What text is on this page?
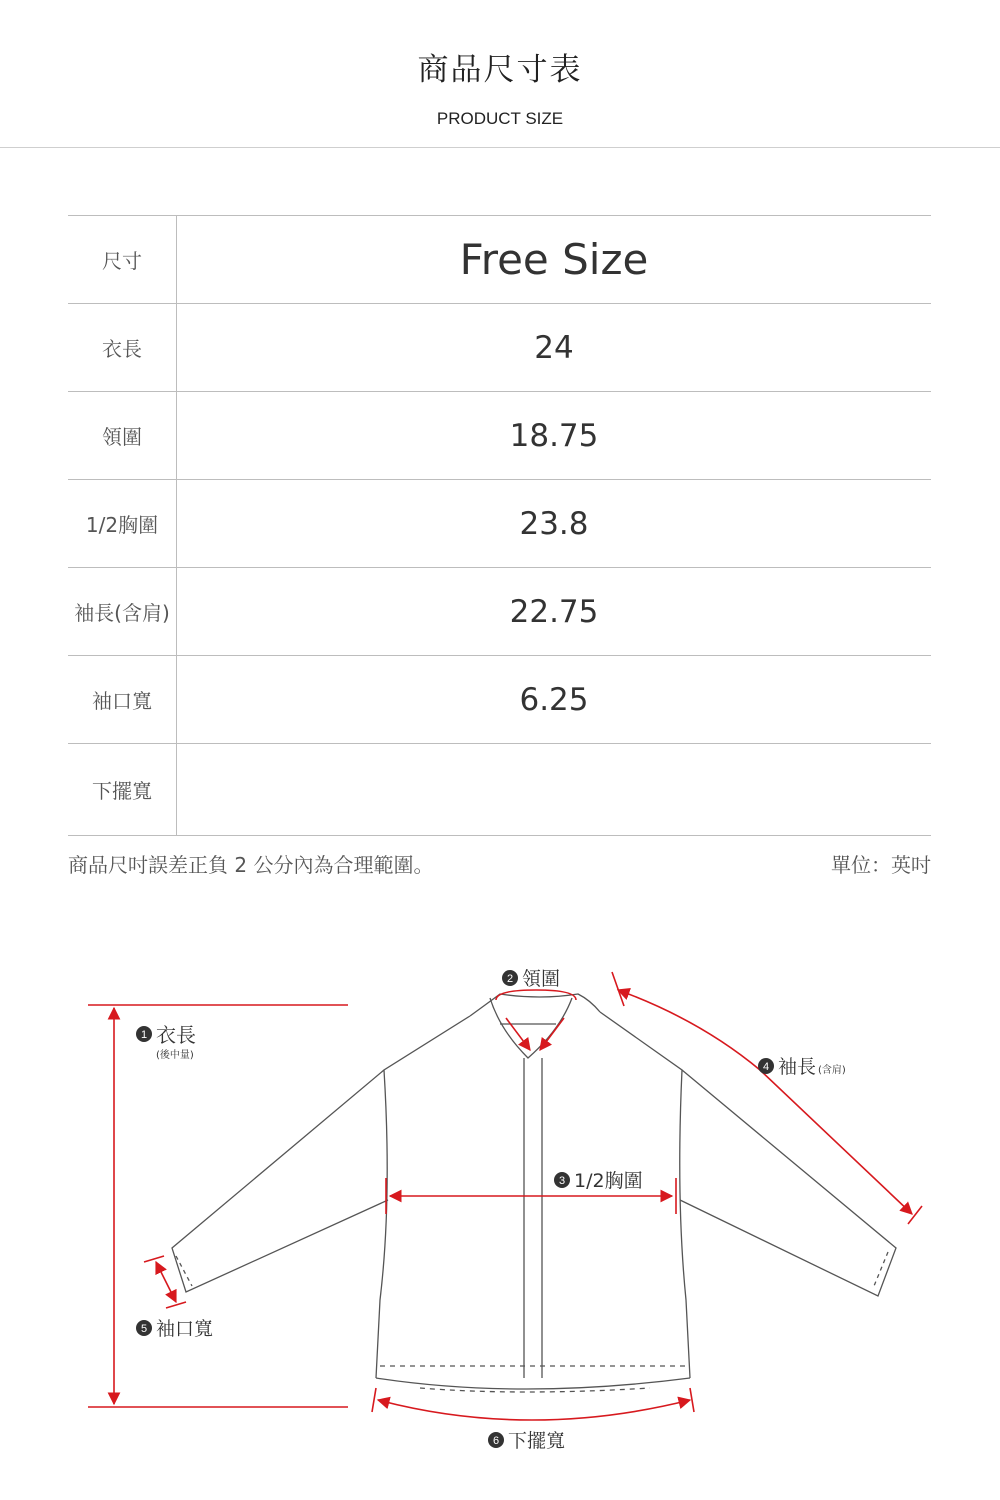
商品尺寸表
PRODUCT SIZE
尺寸	Free Size
衣長	24
領圍	18.75
1/2胸圍	23.8
袖長(含肩)	22.75
袖口寬	6.25
下擺寬	
商品尺吋誤差正負 2 公分內為合理範圍。	單位：英吋
1 衣長
(後中量)
2 領圍
3 1/2胸圍
4 袖長 (含肩)
5 袖口寬
6 下擺寬
